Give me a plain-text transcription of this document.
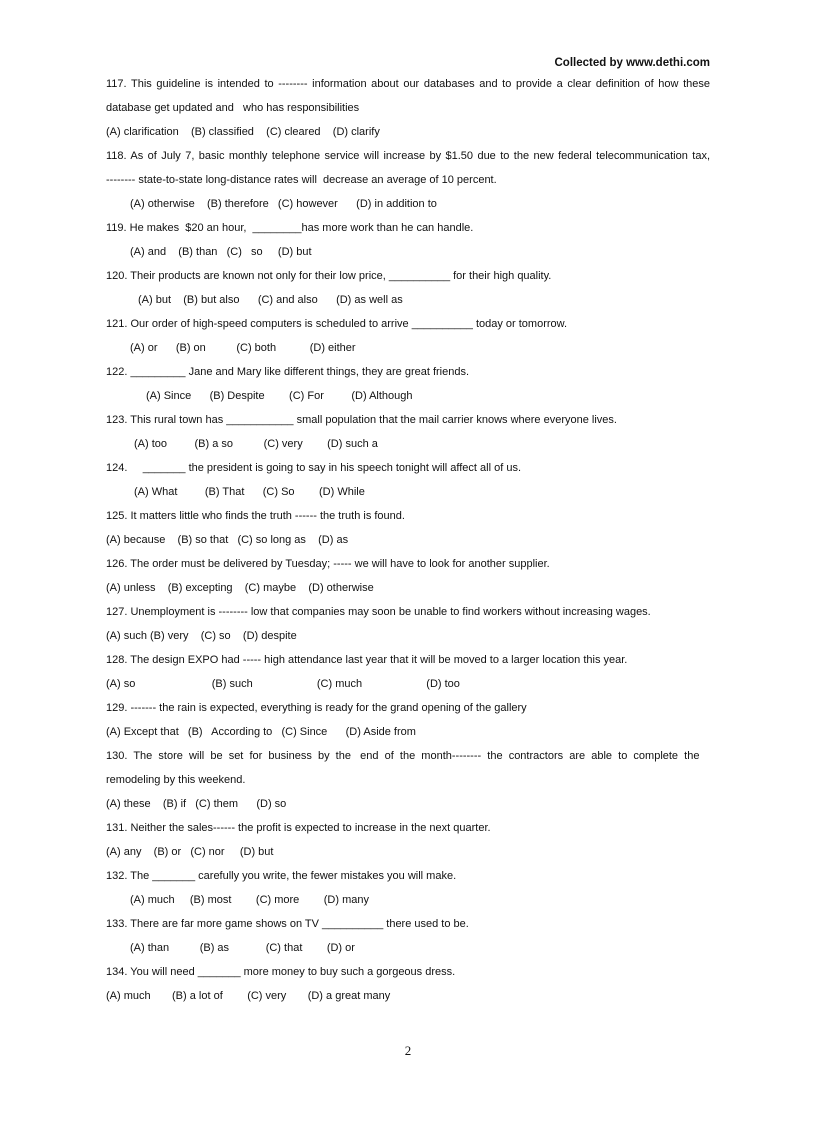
Collected by www.dethi.com
117. This guideline is intended to -------- information about our databases and to provide a clear definition of how these
database get updated and   who has responsibilities
(A) clarification    (B) classified    (C) cleared    (D) clarify
118. As of July 7, basic monthly telephone service will increase by $1.50 due to the new federal telecommunication tax,
-------- state-to-state long-distance rates will  decrease an average of 10 percent.
(A) otherwise    (B) therefore   (C) however      (D) in addition to
119. He makes  $20 an hour,  ________has more work than he can handle.
(A) and    (B) than   (C)   so     (D) but
120. Their products are known not only for their low price, __________ for their high quality.
(A) but    (B) but also      (C) and also      (D) as well as
121. Our order of high-speed computers is scheduled to arrive __________ today or tomorrow.
(A) or      (B) on          (C) both           (D) either
122. _________ Jane and Mary like different things, they are great friends.
(A) Since      (B) Despite        (C) For         (D) Although
123. This rural town has ___________ small population that the mail carrier knows where everyone lives.
(A) too         (B) a so          (C) very        (D) such a
124.     _______ the president is going to say in his speech tonight will affect all of us.
(A) What         (B) That      (C) So        (D) While
125. It matters little who finds the truth ------ the truth is found.
(A) because    (B) so that   (C) so long as    (D) as
126. The order must be delivered by Tuesday; ----- we will have to look for another supplier.
(A) unless    (B) excepting    (C) maybe    (D) otherwise
127. Unemployment is -------- low that companies may soon be unable to find workers without increasing wages.
(A) such (B) very    (C) so    (D) despite
128. The design EXPO had ----- high attendance last year that it will be moved to a larger location this year.
(A) so                         (B) such                     (C) much                     (D) too
129. ------- the rain is expected, everything is ready for the grand opening of the gallery
(A) Except that   (B)   According to   (C) Since      (D) Aside from
130.  The  store  will  be  set  for  business  by  the   end  of  the  month--------  the  contractors  are  able  to  complete  the
remodeling by this weekend.
(A) these    (B) if   (C) them      (D) so
131. Neither the sales------ the profit is expected to increase in the next quarter.
(A) any    (B) or   (C) nor     (D) but
132. The _______ carefully you write, the fewer mistakes you will make.
(A) much     (B) most        (C) more        (D) many
133. There are far more game shows on TV __________ there used to be.
(A) than          (B) as            (C) that        (D) or
134. You will need _______ more money to buy such a gorgeous dress.
(A) much       (B) a lot of        (C) very       (D) a great many
2
